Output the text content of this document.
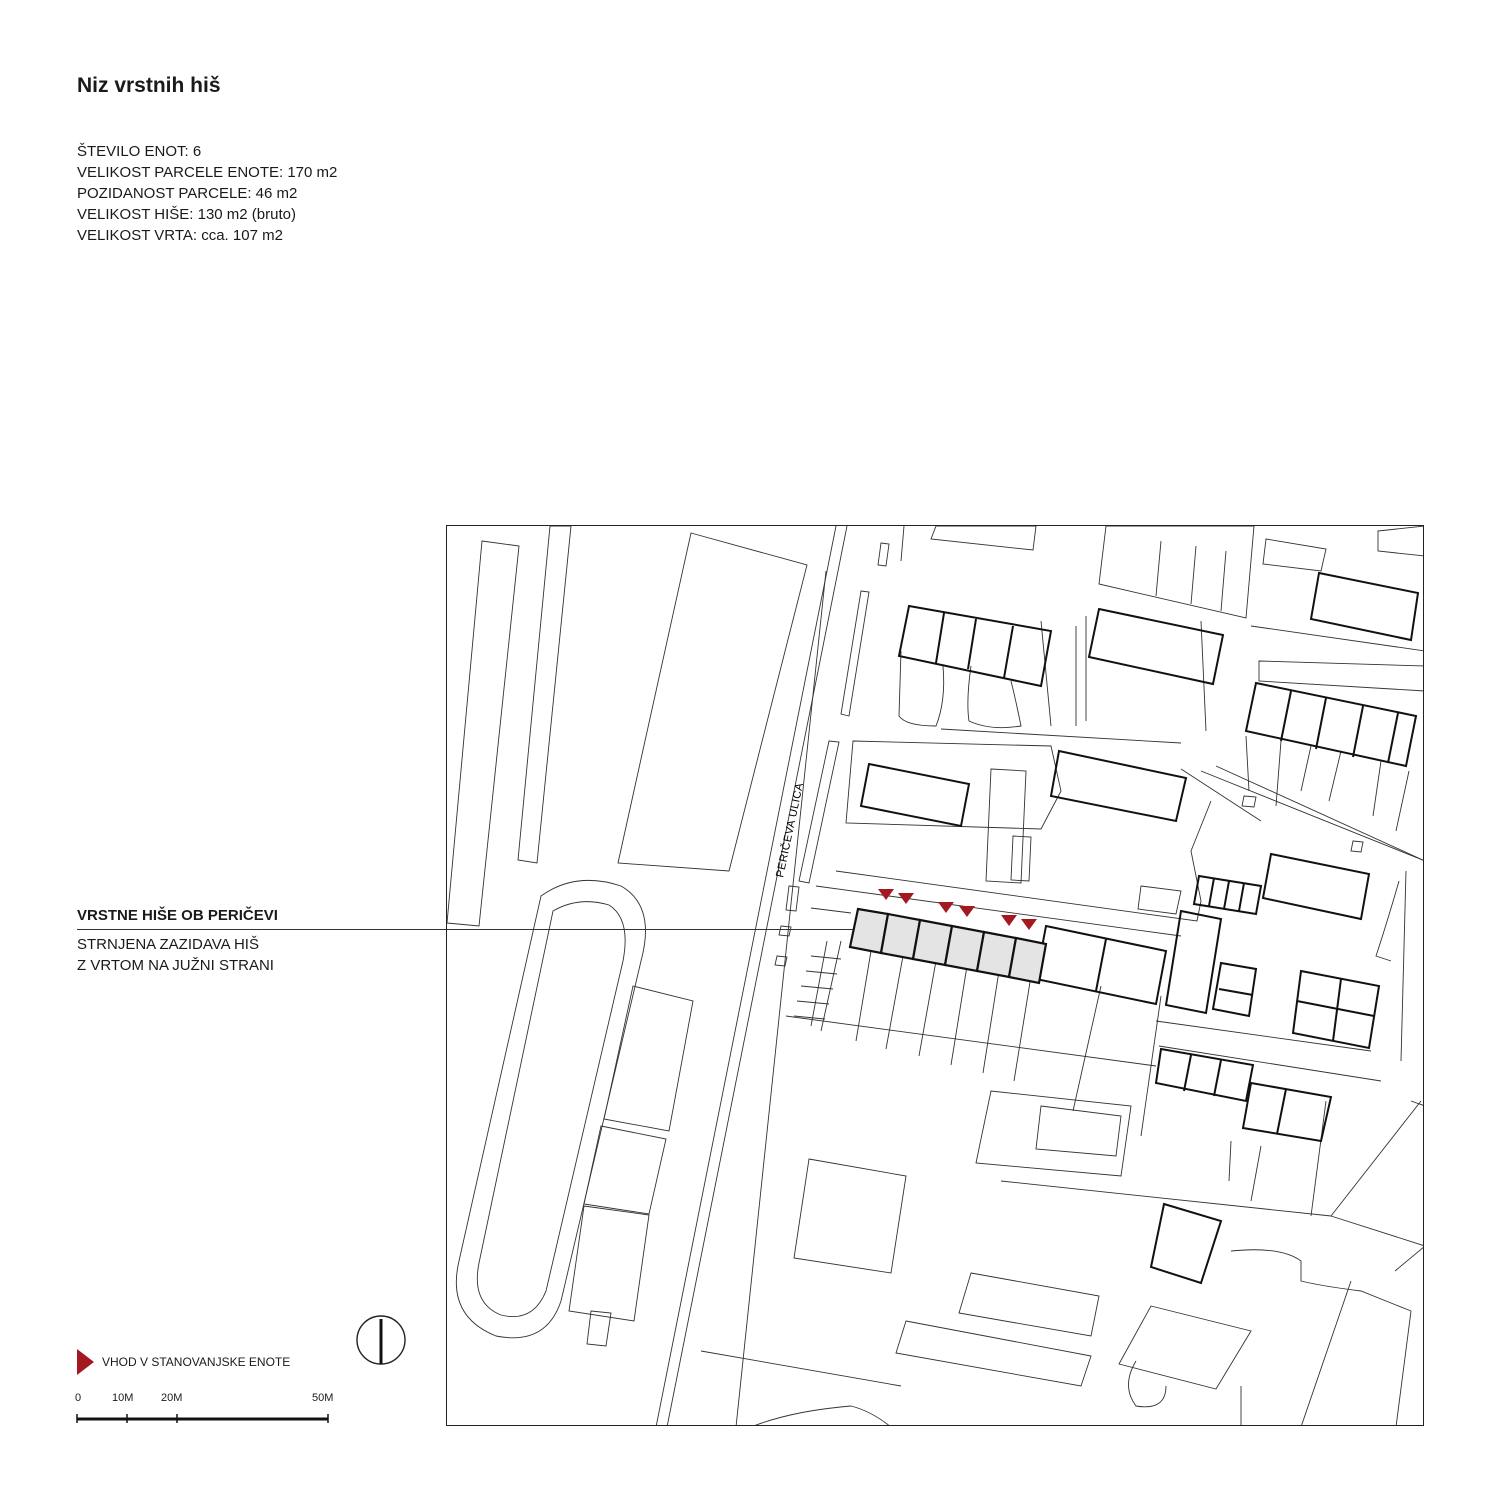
Niz vrstnih hiš
ŠTEVILO ENOT: 6
VELIKOST PARCELE ENOTE: 170 m2
POZIDANOST PARCELE: 46 m2
VELIKOST HIŠE: 130 m2 (bruto)
VELIKOST VRTA: cca. 107 m2
VRSTNE HIŠE OB PERIČEVI
STRNJENA ZAZIDAVA HIŠ
Z VRTOM NA JUŽNI STRANI
VHOD V STANOVANJSKE ENOTE
0	10M	20M	50M
PERIČEVA ULICA
